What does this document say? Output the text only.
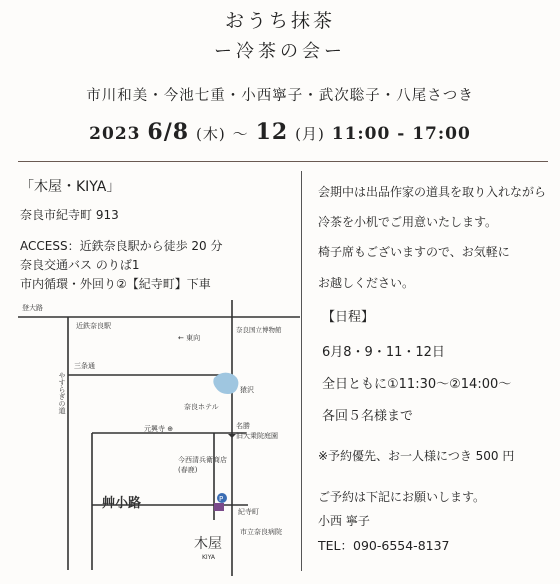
おうち抹茶
ー冷茶の会ー
市川和美・今池七重・小西寧子・武次聡子・八尾さつき
2023 6/8 (木) 〜 12 (月) 11:00 - 17:00
「木屋・KIYA」
奈良市紀寺町 913
ACCESS：近鉄奈良駅から徒歩 20 分
奈良交通バス のりば1
市内循環・外回り②【紀寺町】下車
近鉄奈良駅
← 東向
登大路
奈良国立博物館
三条通
やすらぎの道	猿沢
奈良ホテル
元興寺 ⊕	名勝
旧大乗院庭園
今西清兵衛商店
(春鹿)
艸小路	P
紀寺町
木屋
KIYA
市立奈良病院
会期中は出品作家の道具を取り入れながら
冷茶を小机でご用意いたします。
椅子席もございますので、お気軽に
お越しください。
【日程】
6月8・9・11・12日
全日ともに①11:30〜②14:00〜
各回５名様まで
※予約優先、お一人様につき 500 円
ご予約は下記にお願いします。
小西 寧子
TEL：090-6554-8137
